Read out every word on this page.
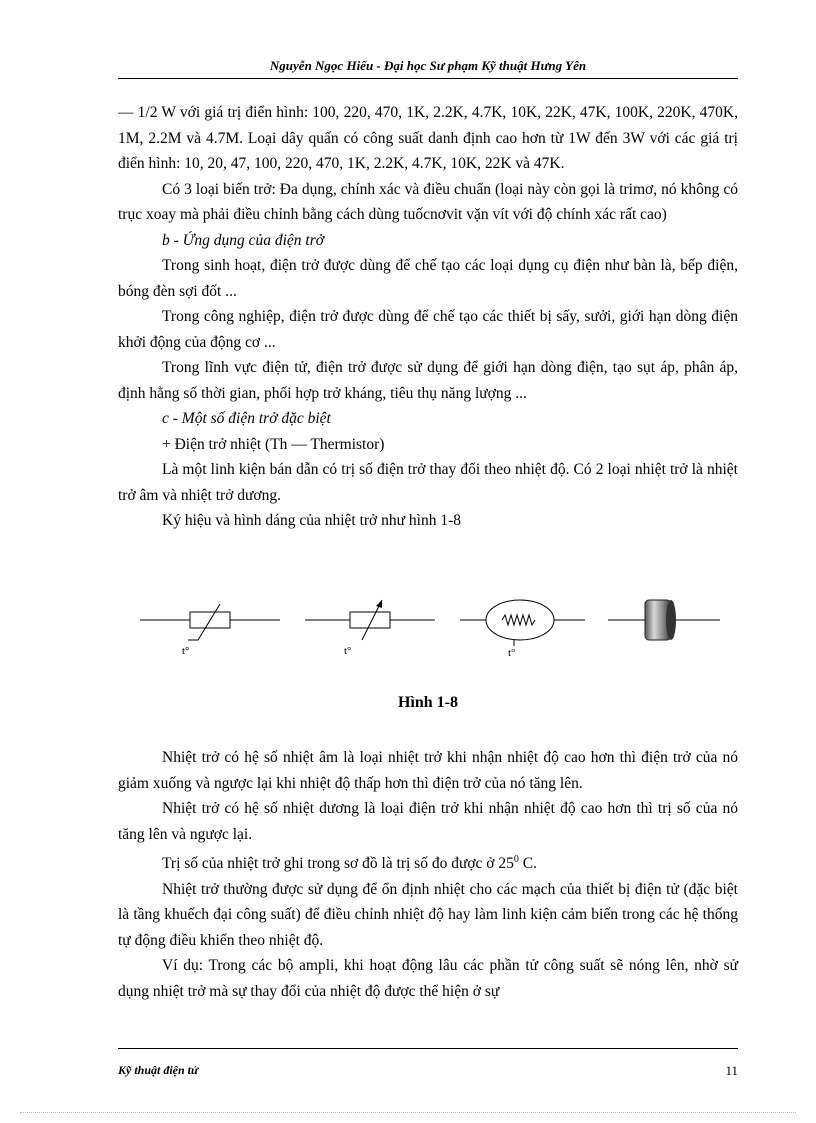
Nguyễn Ngọc Hiếu - Đại học Sư phạm Kỹ thuật Hưng Yên

— 1/2 W với giá trị điển hình: 100, 220, 470, 1K, 2.2K, 4.7K, 10K, 22K, 47K, 100K, 220K, 470K, 1M, 2.2M và 4.7M. Loại dây quấn có công suất danh định cao hơn từ 1W đến 3W với các giá trị điển hình: 10, 20, 47, 100, 220, 470, 1K, 2.2K, 4.7K, 10K, 22K và 47K.

Có 3 loại biến trở: Đa dụng, chính xác và điều chuẩn (loại này còn gọi là trimơ, nó không có trục xoay mà phải điều chỉnh bằng cách dùng tuốcnơvit vặn vít với độ chính xác rất cao)

b - Ứng dụng của điện trở

Trong sinh hoạt, điện trở được dùng để chế tạo các loại dụng cụ điện như bàn là, bếp điện, bóng đèn sợi đốt ...

Trong công nghiệp, điện trở được dùng để chế tạo các thiết bị sấy, sưởi, giới hạn dòng điện khởi động của động cơ ...

Trong lĩnh vực điện tử, điện trở được sử dụng để giới hạn dòng điện, tạo sụt áp, phân áp, định hằng số thời gian, phối hợp trở kháng, tiêu thụ năng lượng ...

c - Một số điện trở đặc biệt

+ Điện trở nhiệt (Th — Thermistor)

Là một linh kiện bán dẫn có trị số điện trở thay đổi theo nhiệt độ. Có 2 loại nhiệt trở là nhiệt trở âm và nhiệt trở dương.

Ký hiệu và hình dáng của nhiệt trở như hình 1-8

t°	t°	t°
Hình 1-8

Nhiệt trở có hệ số nhiệt âm là loại nhiệt trở khi nhận nhiệt độ cao hơn thì điện trở của nó giảm xuống và ngược lại khi nhiệt độ thấp hơn thì điện trở của nó tăng lên.

Nhiệt trở có hệ số nhiệt dương là loại điện trở khi nhận nhiệt độ cao hơn thì trị số của nó tăng lên và ngược lại.

Trị số của nhiệt trở ghi trong sơ đồ là trị số đo được ở $25^0$ C.

Nhiệt trở thường được sử dụng để ổn định nhiệt cho các mạch của thiết bị điện tử (đặc biệt là tầng khuếch đại công suất) để điều chỉnh nhiệt độ hay làm linh kiện cảm biến trong các hệ thống tự động điều khiển theo nhiệt độ.

Ví dụ: Trong các bộ ampli, khi hoạt động lâu các phần tử công suất sẽ nóng lên, nhờ sử dụng nhiệt trở mà sự thay đổi của nhiệt độ được thể hiện ở sự

Kỹ thuật điện tử	11
